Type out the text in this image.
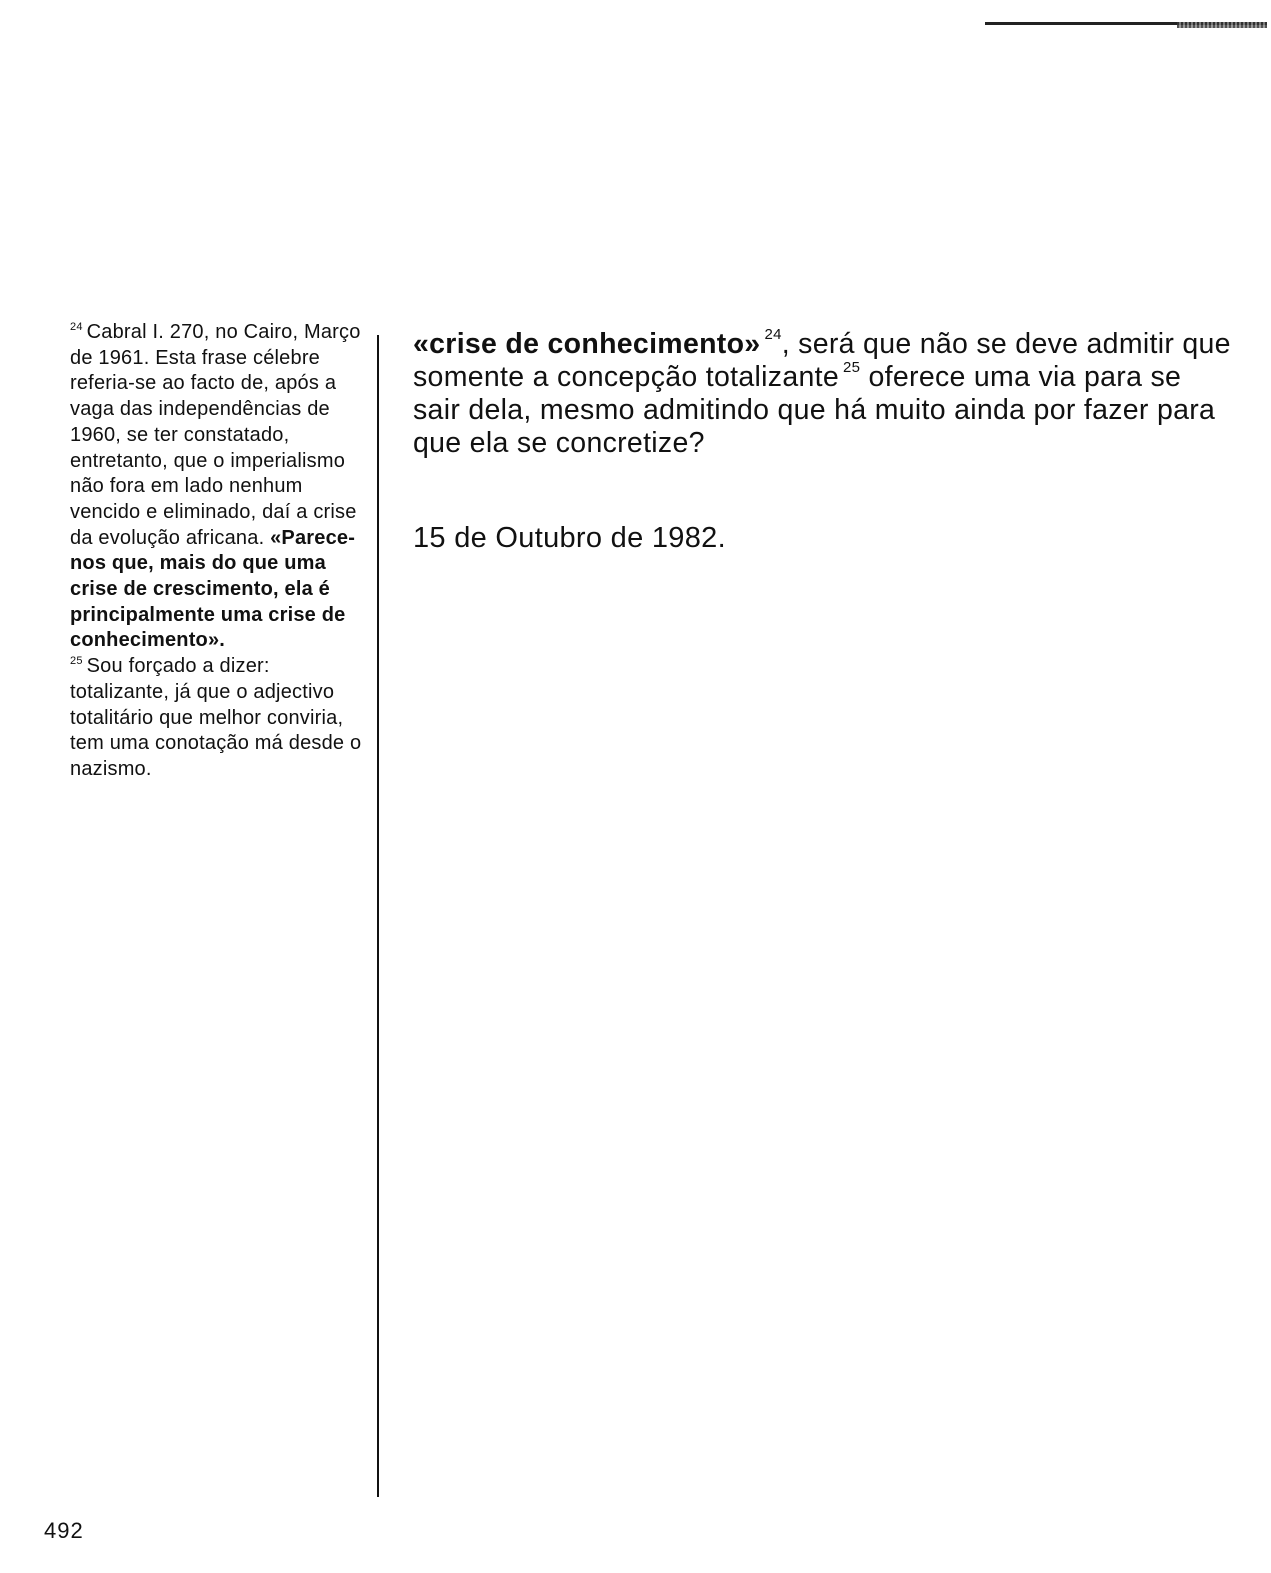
$^{24}$ Cabral I. 270, no Cairo, Março de 1961. Esta frase célebre referia-se ao facto de, após a vaga das independências de 1960, se ter constatado, entretanto, que o imperialismo não fora em lado nenhum vencido e eliminado, daí a crise da evolução africana. «Parece-nos que, mais do que uma crise de crescimento, ela é principalmente uma crise de conhecimento».

$^{25}$ Sou forçado a dizer: totalizante, já que o adjectivo totalitário que melhor conviria, tem uma conotação má desde o nazismo.

«crise de conhecimento» $^{24}$, será que não se deve admitir que somente a concepção totalizante $^{25}$ oferece uma via para se sair dela, mesmo admitindo que há muito ainda por fazer para que ela se concretize?

15 de Outubro de 1982.
492
